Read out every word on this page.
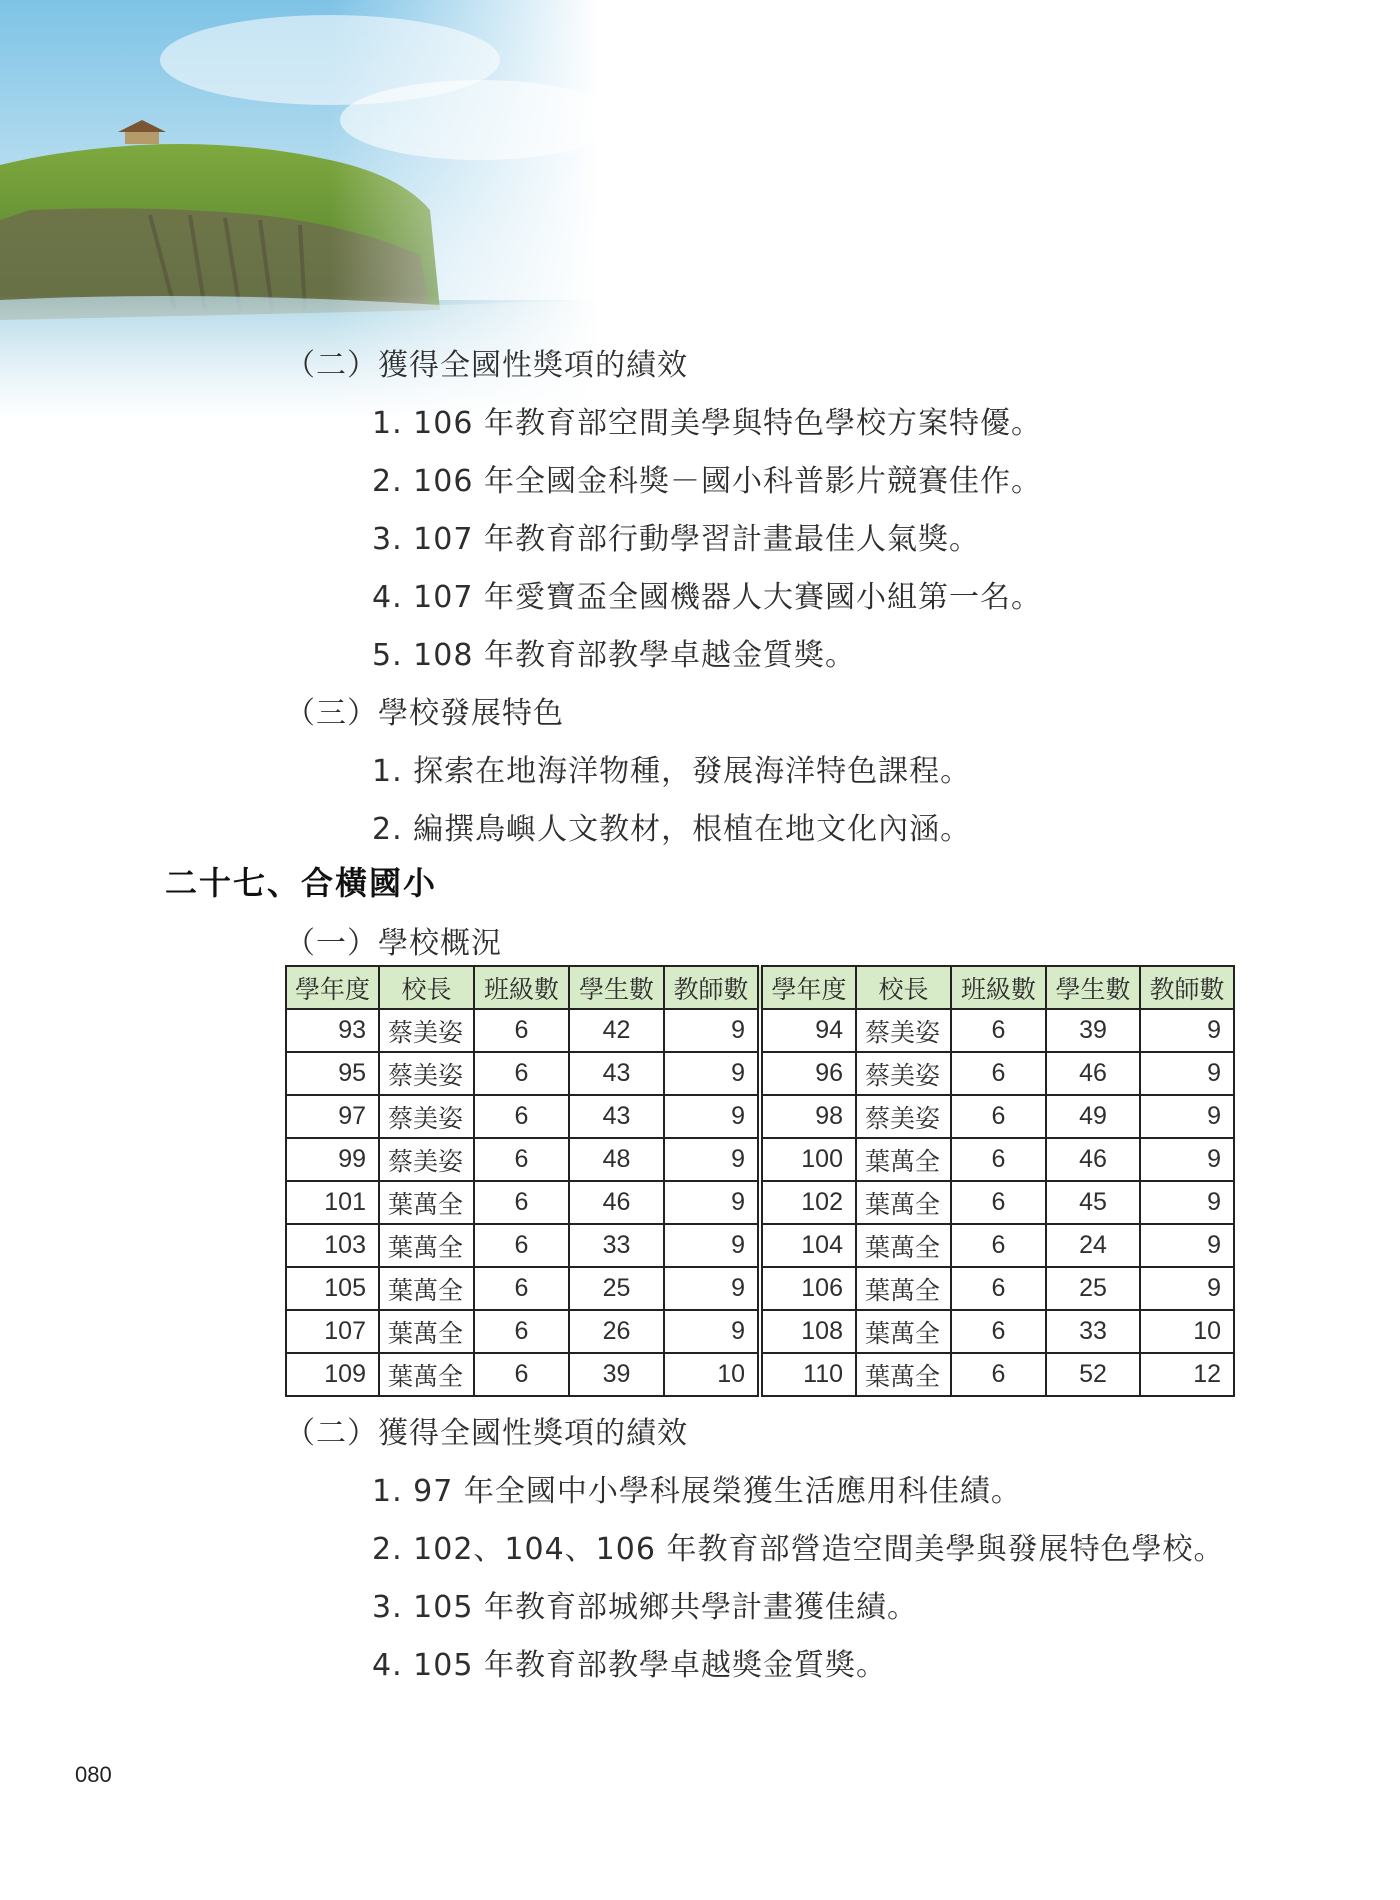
（二）獲得全國性獎項的績效
1. 106 年教育部空間美學與特色學校方案特優。
2. 106 年全國金科獎－國小科普影片競賽佳作。
3. 107 年教育部行動學習計畫最佳人氣獎。
4. 107 年愛寶盃全國機器人大賽國小組第一名。
5. 108 年教育部教學卓越金質獎。
（三）學校發展特色
1. 探索在地海洋物種，發展海洋特色課程。
2. 編撰鳥嶼人文教材，根植在地文化內涵。
二十七、合橫國小
（一）學校概況
學年度	校長	班級數	學生數	教師數	學年度	校長	班級數	學生數	教師數
93	蔡美姿	6	42	9	94	蔡美姿	6	39	9
95	蔡美姿	6	43	9	96	蔡美姿	6	46	9
97	蔡美姿	6	43	9	98	蔡美姿	6	49	9
99	蔡美姿	6	48	9	100	葉萬全	6	46	9
101	葉萬全	6	46	9	102	葉萬全	6	45	9
103	葉萬全	6	33	9	104	葉萬全	6	24	9
105	葉萬全	6	25	9	106	葉萬全	6	25	9
107	葉萬全	6	26	9	108	葉萬全	6	33	10
109	葉萬全	6	39	10	110	葉萬全	6	52	12
（二）獲得全國性獎項的績效
1. 97 年全國中小學科展榮獲生活應用科佳績。
2. 102、104、106 年教育部營造空間美學與發展特色學校。
3. 105 年教育部城鄉共學計畫獲佳績。
4. 105 年教育部教學卓越獎金質獎。
080
